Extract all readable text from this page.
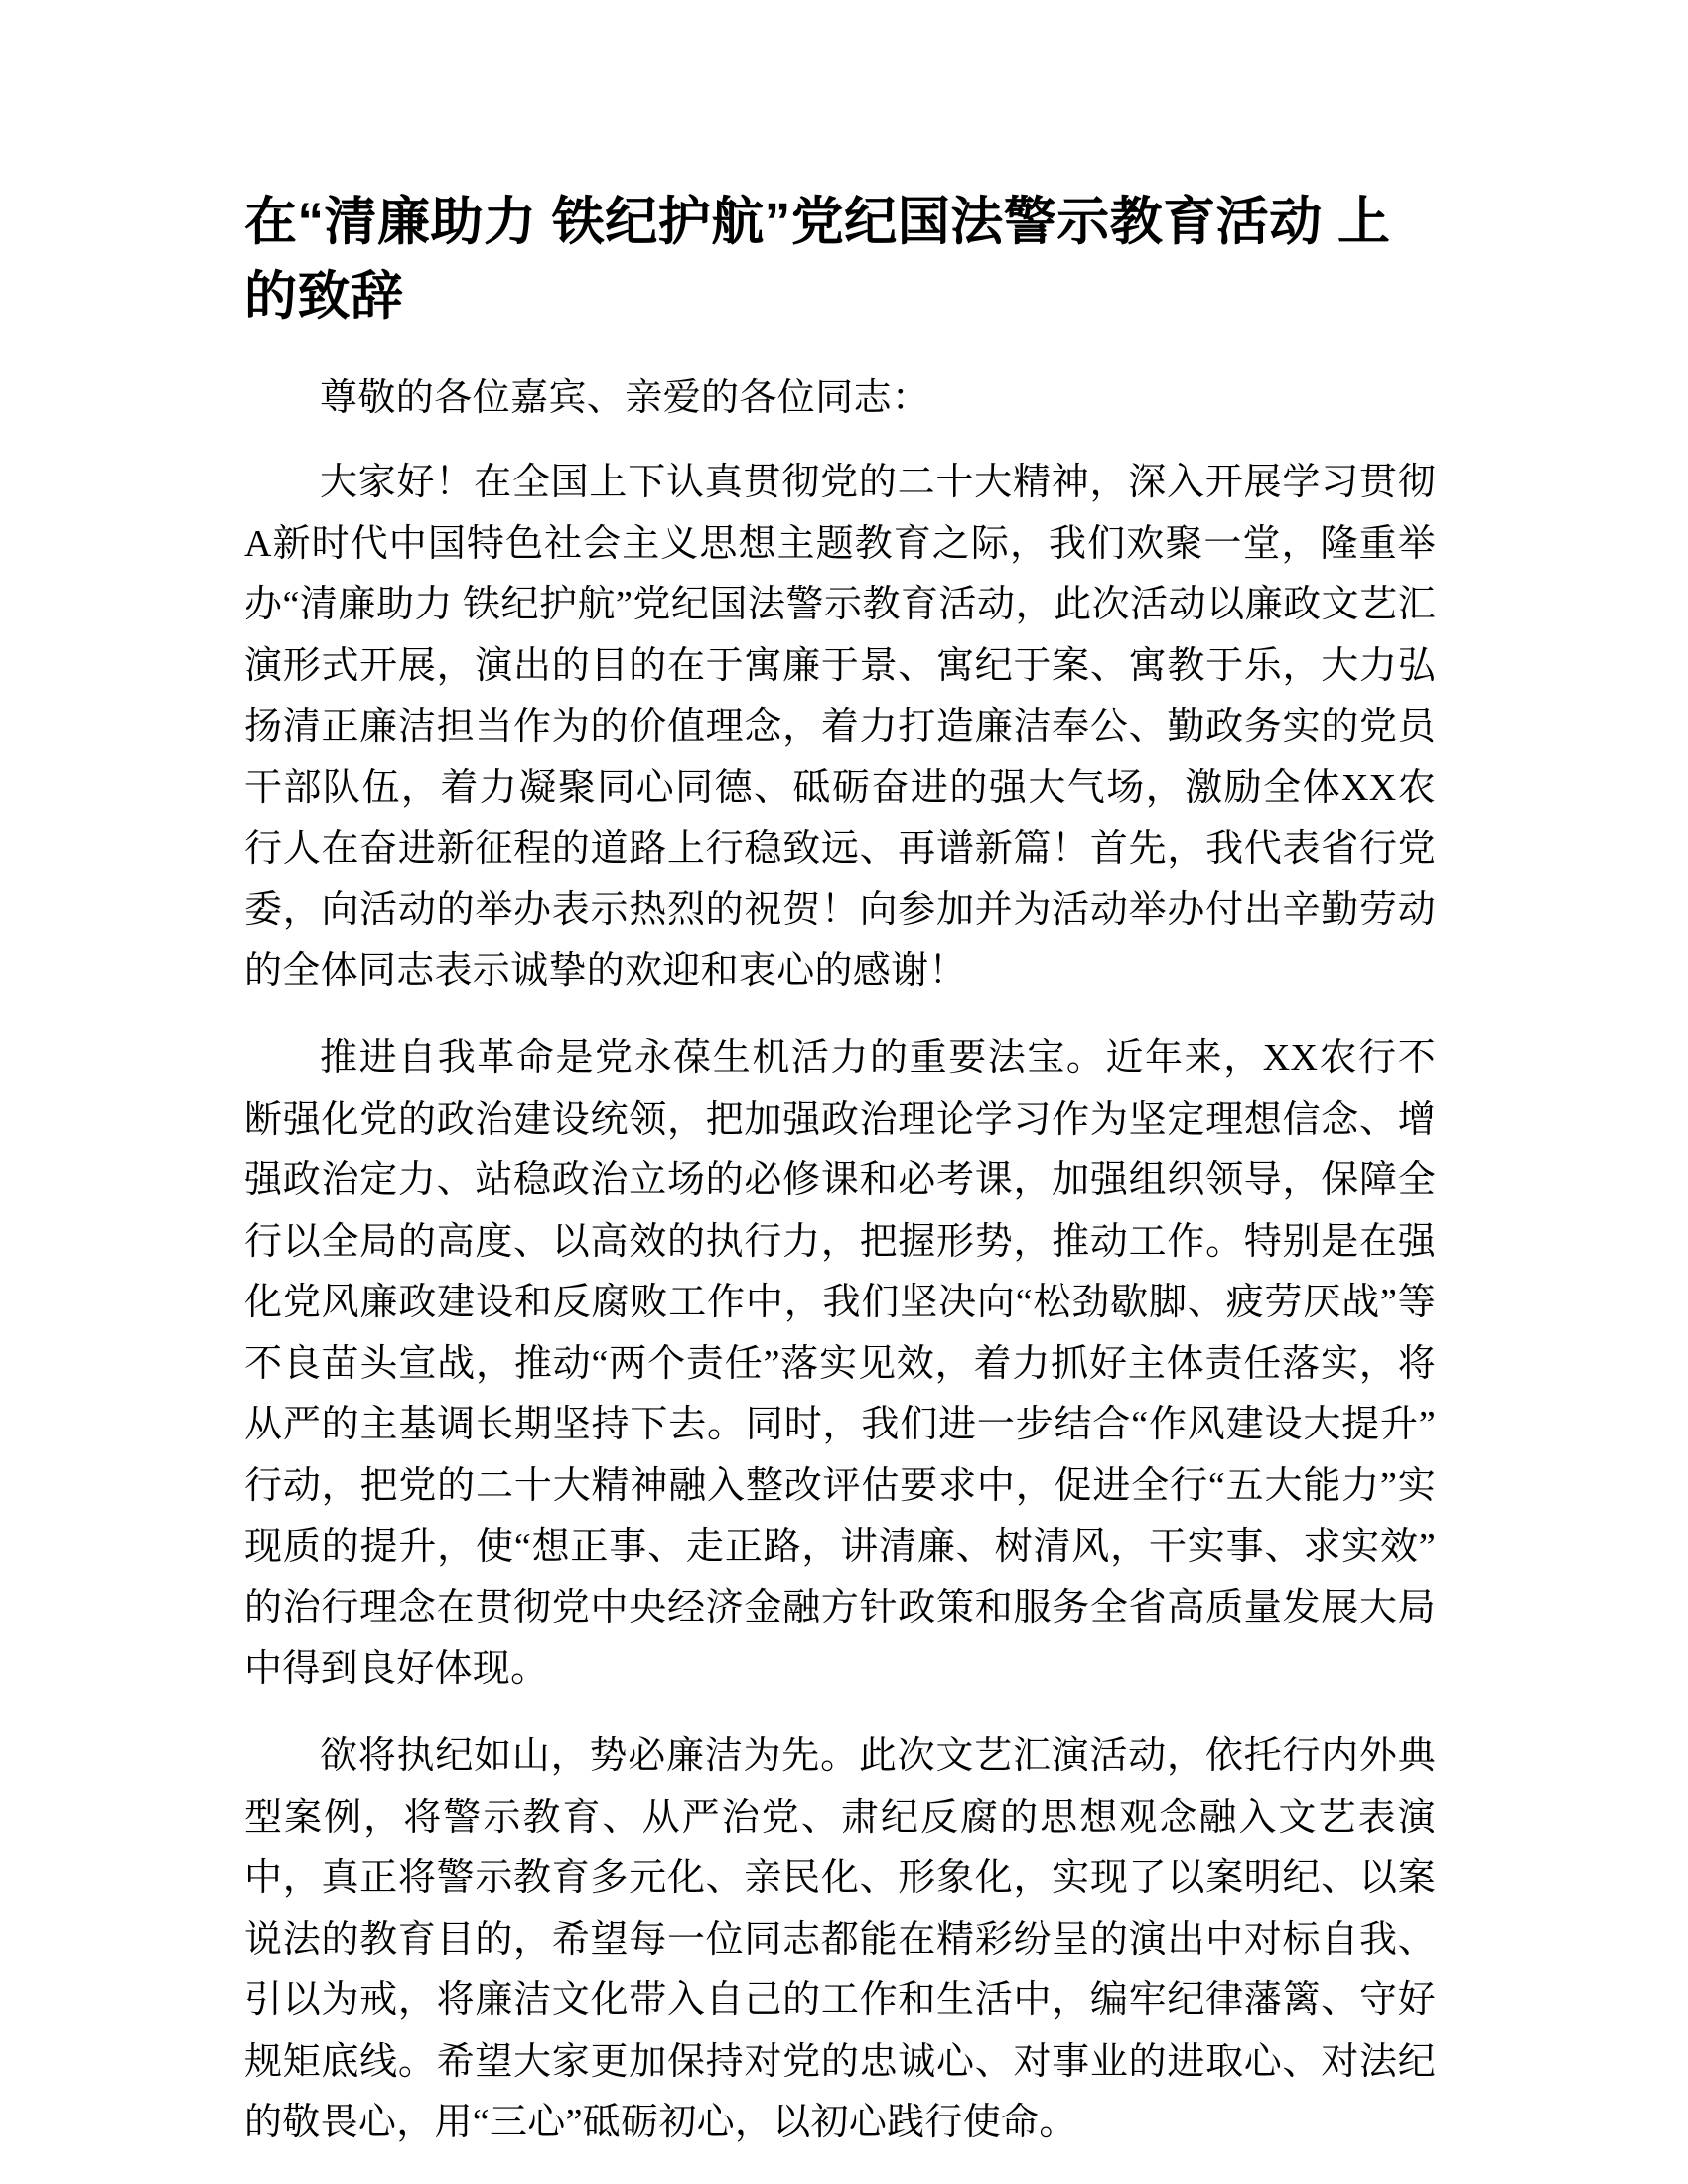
在“清廉助力 铁纪护航”党纪国法警示教育活动 上的致辞

尊敬的各位嘉宾、亲爱的各位同志：

大家好！在全国上下认真贯彻党的二十大精神，深入开展学习贯彻A新时代中国特色社会主义思想主题教育之际，我们欢聚一堂，隆重举办“清廉助力 铁纪护航”党纪国法警示教育活动，此次活动以廉政文艺汇演形式开展，演出的目的在于寓廉于景、寓纪于案、寓教于乐，大力弘扬清正廉洁担当作为的价值理念，着力打造廉洁奉公、勤政务实的党员干部队伍，着力凝聚同心同德、砥砺奋进的强大气场，激励全体XX农行人在奋进新征程的道路上行稳致远、再谱新篇！首先，我代表省行党委，向活动的举办表示热烈的祝贺！向参加并为活动举办付出辛勤劳动的全体同志表示诚挚的欢迎和衷心的感谢！

推进自我革命是党永葆生机活力的重要法宝。近年来，XX农行不断强化党的政治建设统领，把加强政治理论学习作为坚定理想信念、增强政治定力、站稳政治立场的必修课和必考课，加强组织领导，保障全行以全局的高度、以高效的执行力，把握形势，推动工作。特别是在强化党风廉政建设和反腐败工作中，我们坚决向“松劲歇脚、疲劳厌战”等不良苗头宣战，推动“两个责任”落实见效，着力抓好主体责任落实，将从严的主基调长期坚持下去。同时，我们进一步结合“作风建设大提升”行动，把党的二十大精神融入整改评估要求中，促进全行“五大能力”实现质的提升，使“想正事、走正路，讲清廉、树清风，干实事、求实效”的治行理念在贯彻党中央经济金融方针政策和服务全省高质量发展大局中得到良好体现。

欲将执纪如山，势必廉洁为先。此次文艺汇演活动，依托行内外典型案例，将警示教育、从严治党、肃纪反腐的思想观念融入文艺表演中，真正将警示教育多元化、亲民化、形象化，实现了以案明纪、以案说法的教育目的，希望每一位同志都能在精彩纷呈的演出中对标自我、引以为戒，将廉洁文化带入自己的工作和生活中，编牢纪律藩篱、守好规矩底线。希望大家更加保持对党的忠诚心、对事业的进取心、对法纪的敬畏心，用“三心”砥砺初心，以初心践行使命。
